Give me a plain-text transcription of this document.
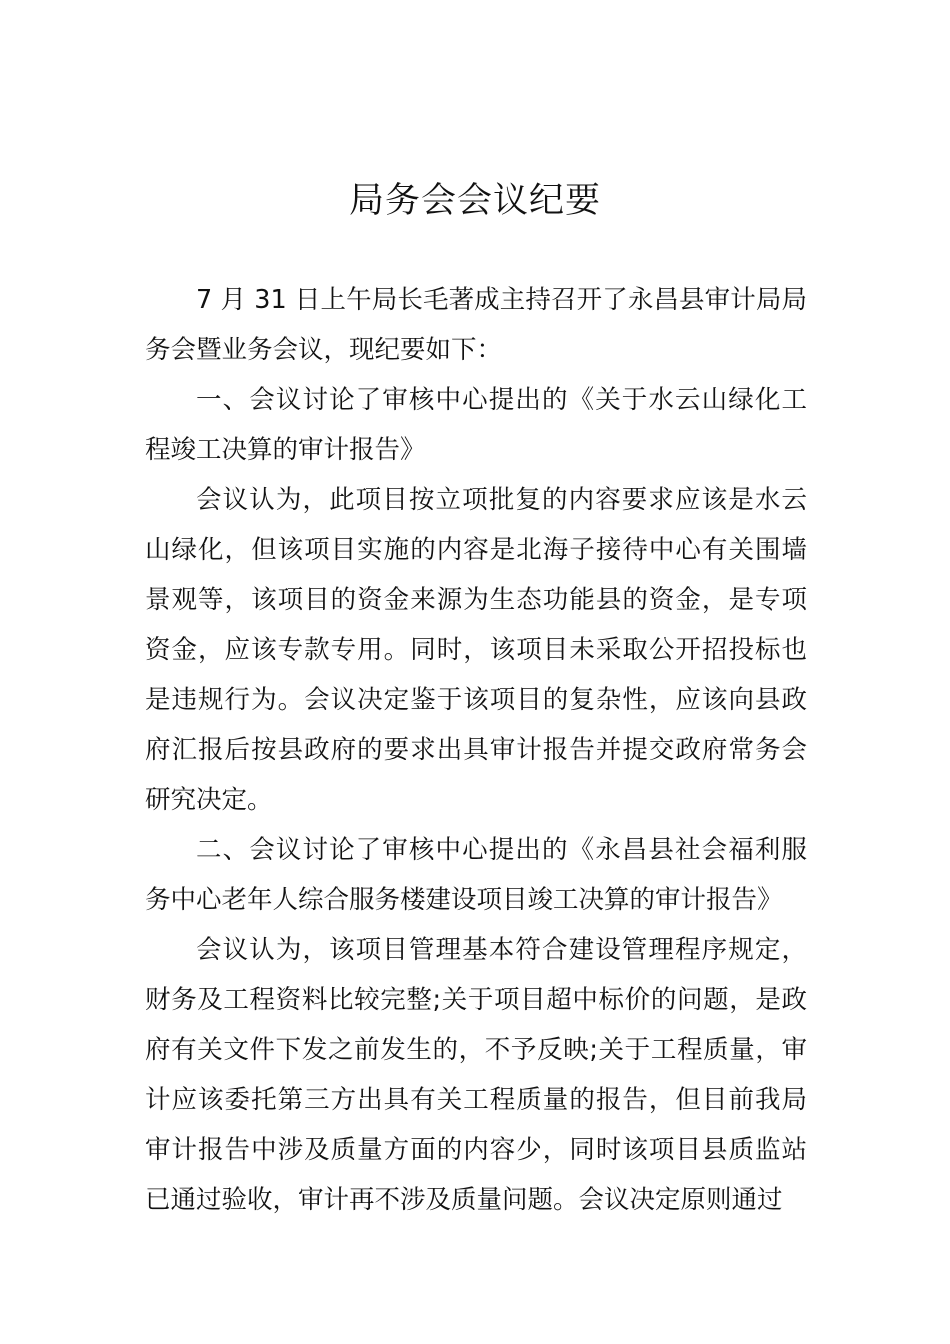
局务会会议纪要

7 月 31 日上午局长毛著成主持召开了永昌县审计局局务会暨业务会议，现纪要如下：

一、会议讨论了审核中心提出的《关于水云山绿化工程竣工决算的审计报告》

会议认为，此项目按立项批复的内容要求应该是水云山绿化，但该项目实施的内容是北海子接待中心有关围墙景观等，该项目的资金来源为生态功能县的资金，是专项资金，应该专款专用。同时，该项目未采取公开招投标也是违规行为。会议决定鉴于该项目的复杂性，应该向县政府汇报后按县政府的要求出具审计报告并提交政府常务会研究决定。

二、会议讨论了审核中心提出的《永昌县社会福利服务中心老年人综合服务楼建设项目竣工决算的审计报告》

会议认为，该项目管理基本符合建设管理程序规定，财务及工程资料比较完整;关于项目超中标价的问题，是政府有关文件下发之前发生的，不予反映;关于工程质量，审计应该委托第三方出具有关工程质量的报告，但目前我局审计报告中涉及质量方面的内容少，同时该项目县质监站已通过验收，审计再不涉及质量问题。会议决定原则通过
